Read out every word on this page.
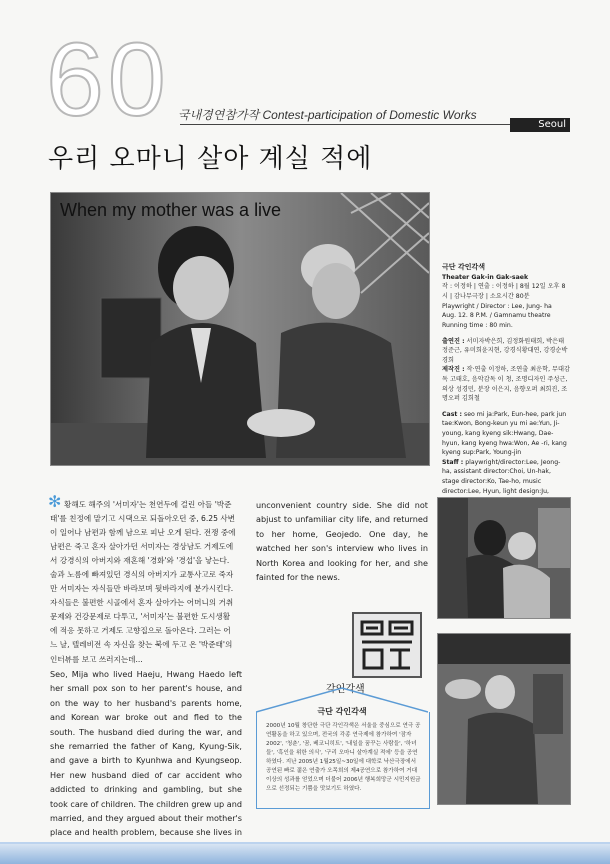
60 국내경연참가작 Contest-participation of Domestic Works
Seoul
우리 오마니 살아 계실 적에
When my mother was a live

극단 각인각색
Theater Gak-in Gak-saek
작 : 이정하 | 연출 : 이정하 | 8월 12일 오후 8시 | 감나무극장 | 소요시간 80분
Playwright / Director : Lee, Jung- ha
Aug. 12. 8 P.M. / Gamnamu theatre
Running time : 80 min.

출연진 : 서미자박은희, 김정화원태희, 박은태정준근, 유미희윤지현, 강경식황대연, 강경순박경희
제작진 : 작·연출 이정하, 조연출 최운학, 무대감독 고태호, 음악감독 이 청, 조명디자인 주성근, 의상 성경민, 분장 이은지, 음향오퍼 최희진, 조명오퍼 김희철

Cast : seo mi ja:Park, Eun-hee, park jun tae:Kwon, Bong-keun yu mi ae:Yun, Ji-young, kang kyeng sik:Hwang, Dae-hyun, kang kyeng hwa:Won, Ae -ri, kang kyeng sup:Park, Young-jin
Staff : playwright/director:Lee, Jeong-ha, assistant director:Choi, Un-hak, stage director:Ko, Tae-ho, music director:Lee, Hyun, light design:Ju,

✻ 황해도 해주의 '서미자'는 천연두에 걸린 아들 '박준태'를 친정에 맡기고 시댁으로 되돌아오던 중, 6.25 사변이 일어나 남편과 함께 남으로 피난 오게 된다. 전쟁 중에 남편은 죽고 혼자 살아가던 서미자는 경상남도 거제도에서 강경식의 아버지와 재혼해 '경화'와 '경섭'을 낳는다. 술과 노름에 빠져있던 경식의 아버지가 교통사고로 죽자만 서미자는 자식들만 바라보며 뒷바라지에 분가시킨다. 자식들은 불편한 시골에서 혼자 살아가는 어머니의 거취문제와 건강문제로 다투고, '서미자'는 불편한 도시생활에 적응 못하고 거제도 고향집으로 돌아온다. 그러는 어느 날, 텔레비전 속 자신을 찾는 북에 두고 온 '박준태'의 인터뷰를 보고 쓰러지는데...
Seo, Mija who lived Haeju, Hwang Haedo left her small pox son to her parent's house, and on the way to her husband's parents home, and Korean war broke out and fled to the south. The husband died during the war, and she remarried the father of Kang, Kyung-Sik, and gave a birth to Kyunhwa and Kyungseop. Her new husband died of car accident who addicted to drinking and gambling, but she took care of children. The children grew up and married, and they argued about their mother's place and health problem, because she lives in
unconvenient country side. She did not abjust to unfamiliar city life, and returned to her home, Geojedo. One day, he watched her son's interview who lives in North Korea and looking for her, and she fainted for the news.
각인각색
극단 각인각색
2000년 10월 창단한 극단 각인각색은 서울을 중심으로 연극 공연활동을 하고 있으며, 전국의 각종 연극제에 참가하여 '잠자 2002', '청춘', '꿈, 베코니히트', '내일을 꿈꾸는 사람들', '하녀들', '흑인을 위한 의식', '구리 오마니 살아계실 적에' 등을 공연하였다. 지난 2005년 1월25일~30일에 대학로 낙산극장에서 공연된 빠로 젊은 연출가 오목희의 제4공연으로 참가하여 거대이상의 성과를 얻었으며 더불어 2006년 행복희망군 시민지원금으로 선정되는 기쁨을 맛보기도 하였다.
